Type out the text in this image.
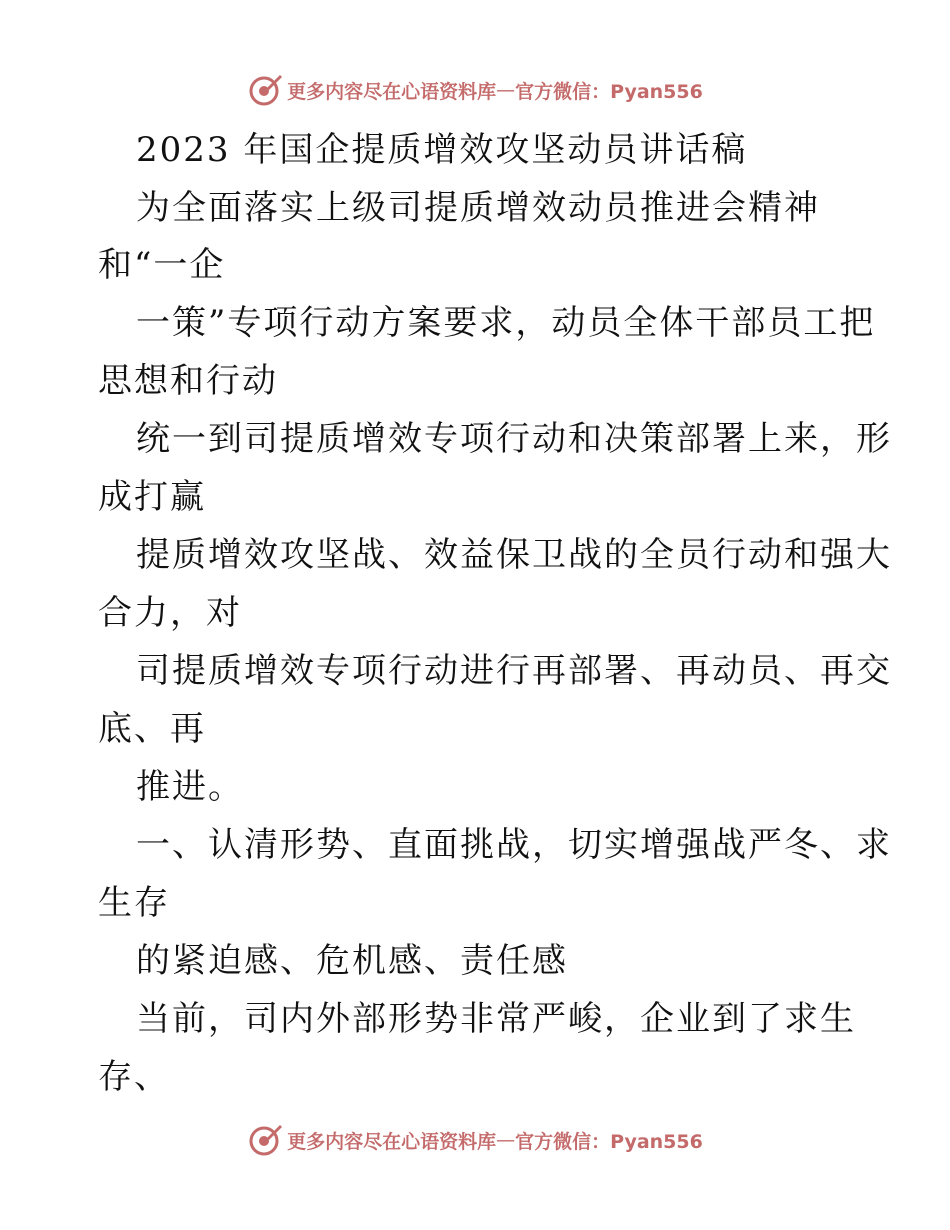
更多内容尽在心语资料库 — 官方微信：Pyan556
2023 年国企提质增效攻坚动员讲话稿
为全面落实上级司提质增效动员推进会精神
和“一企
一策”专项行动方案要求，动员全体干部员工把
思想和行动
统一到司提质增效专项行动和决策部署上来，形
成打赢
提质增效攻坚战、效益保卫战的全员行动和强大
合力，对
司提质增效专项行动进行再部署、再动员、再交
底、再
推进。
一、认清形势、直面挑战，切实增强战严冬、求
生存
的紧迫感、危机感、责任感
当前，司内外部形势非常严峻，企业到了求生
存、
更多内容尽在心语资料库 — 官方微信：Pyan556
